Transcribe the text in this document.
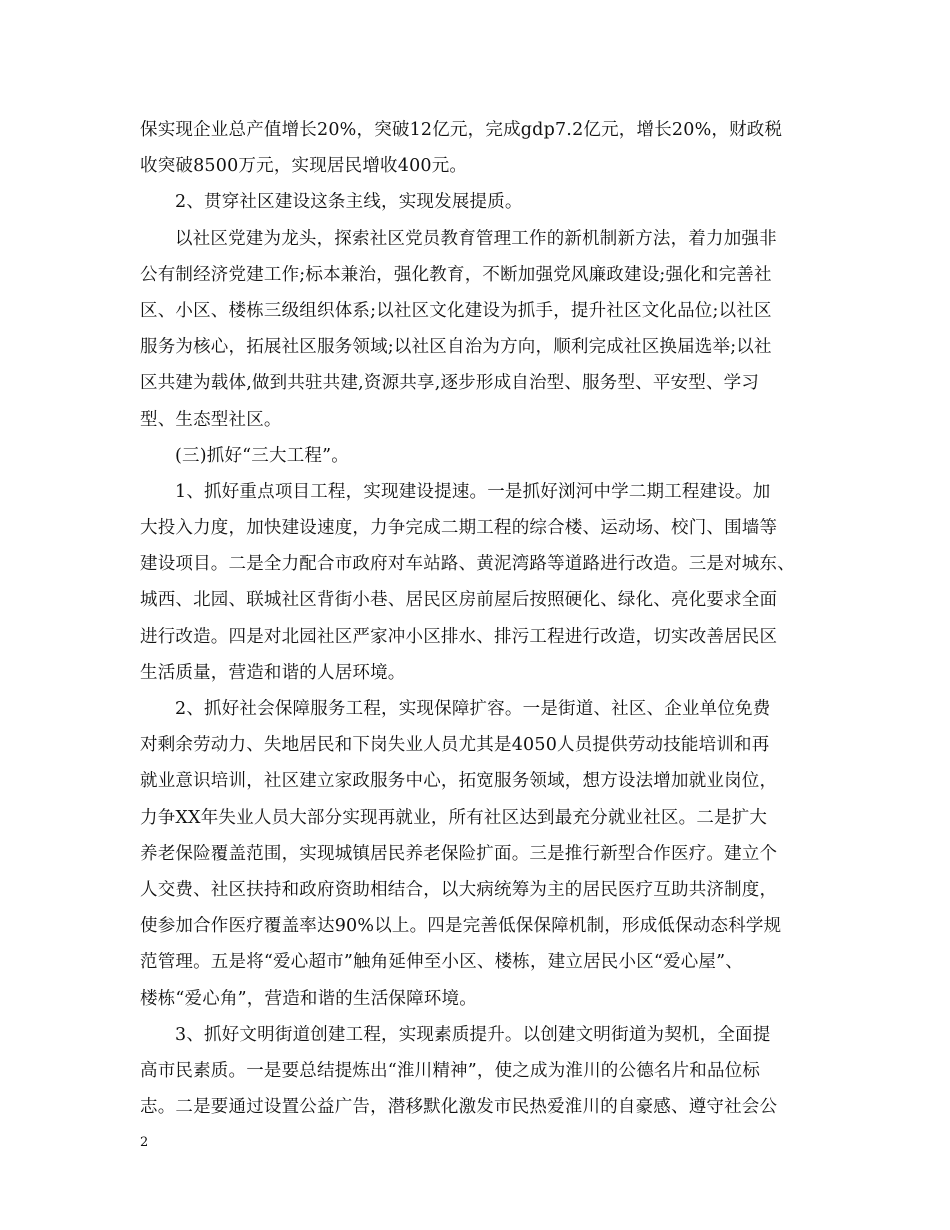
保实现企业总产值增长20%，突破12亿元，完成gdp7.2亿元，增长20%，财政税
收突破8500万元，实现居民增收400元。
2、贯穿社区建设这条主线，实现发展提质。
以社区党建为龙头，探索社区党员教育管理工作的新机制新方法，着力加强非
公有制经济党建工作;标本兼治，强化教育，不断加强党风廉政建设;强化和完善社
区、小区、楼栋三级组织体系;以社区文化建设为抓手，提升社区文化品位;以社区
服务为核心，拓展社区服务领域;以社区自治为方向，顺利完成社区换届选举;以社
区共建为载体,做到共驻共建,资源共享,逐步形成自治型、服务型、平安型、学习
型、生态型社区。
(三)抓好“三大工程”。
1、抓好重点项目工程，实现建设提速。一是抓好浏河中学二期工程建设。加
大投入力度，加快建设速度，力争完成二期工程的综合楼、运动场、校门、围墙等
建设项目。二是全力配合市政府对车站路、黄泥湾路等道路进行改造。三是对城东、
城西、北园、联城社区背街小巷、居民区房前屋后按照硬化、绿化、亮化要求全面
进行改造。四是对北园社区严家冲小区排水、排污工程进行改造，切实改善居民区
生活质量，营造和谐的人居环境。
2、抓好社会保障服务工程，实现保障扩容。一是街道、社区、企业单位免费
对剩余劳动力、失地居民和下岗失业人员尤其是4050人员提供劳动技能培训和再
就业意识培训，社区建立家政服务中心，拓宽服务领域，想方设法增加就业岗位，
力争XX年失业人员大部分实现再就业，所有社区达到最充分就业社区。二是扩大
养老保险覆盖范围，实现城镇居民养老保险扩面。三是推行新型合作医疗。建立个
人交费、社区扶持和政府资助相结合，以大病统筹为主的居民医疗互助共济制度，
使参加合作医疗覆盖率达90%以上。四是完善低保保障机制，形成低保动态科学规
范管理。五是将“爱心超市”触角延伸至小区、楼栋，建立居民小区“爱心屋”、
楼栋“爱心角”，营造和谐的生活保障环境。
3、抓好文明街道创建工程，实现素质提升。以创建文明街道为契机，全面提
高市民素质。一是要总结提炼出“淮川精神”，使之成为淮川的公德名片和品位标
志。二是要通过设置公益广告，潜移默化激发市民热爱淮川的自豪感、遵守社会公
2
